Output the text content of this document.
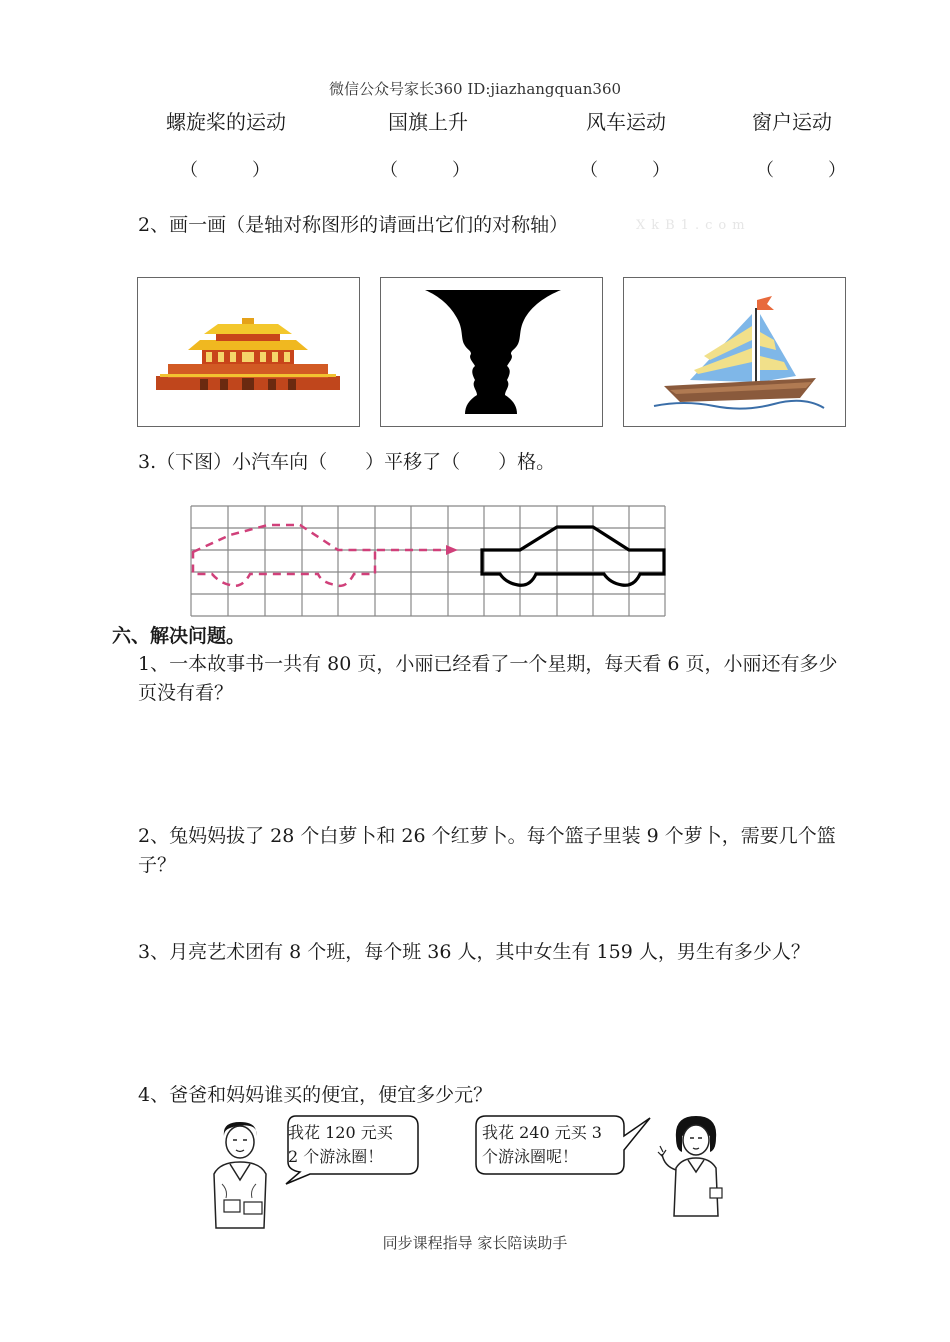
微信公众号家长360 ID:jiazhangquan360
螺旋桨的运动	国旗上升	风车运动	窗户运动
（　　　）	（　　　）	（　　　）	（　　　）
2、画一画（是轴对称图形的请画出它们的对称轴）	XkB1.com
3.（下图）小汽车向（　　）平移了（　　）格。
六、解决问题。
1、一本故事书一共有 80 页，小丽已经看了一个星期，每天看 6 页，小丽还有多少
页没有看？
2、兔妈妈拔了 28 个白萝卜和 26 个红萝卜。每个篮子里装 9 个萝卜，需要几个篮
子？
3、月亮艺术团有 8 个班，每个班 36 人，其中女生有 159 人，男生有多少人？
4、爸爸和妈妈谁买的便宜，便宜多少元？
我花 120 元买
2 个游泳圈！
我花 240 元买 3
个游泳圈呢！
同步课程指导 家长陪读助手
